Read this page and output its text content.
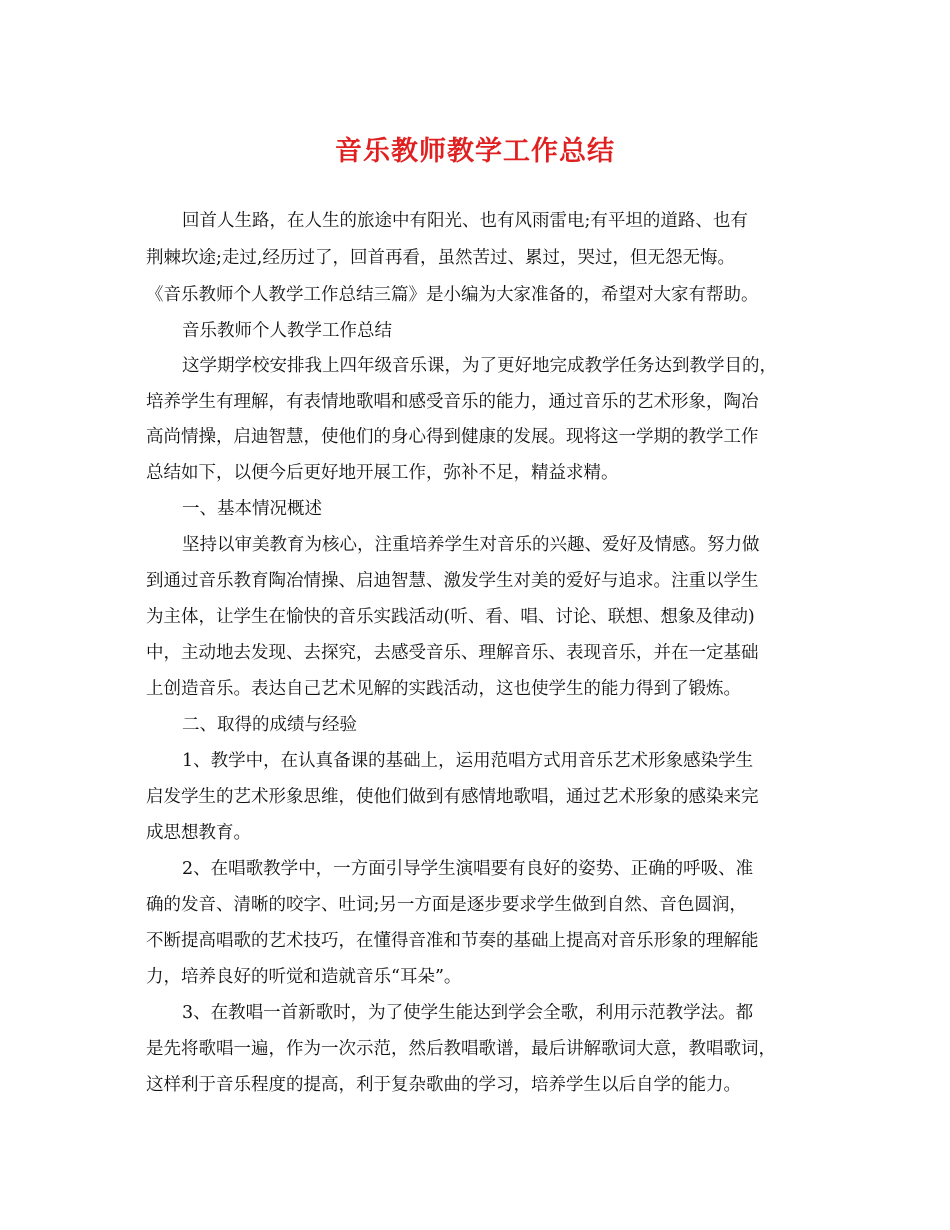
音乐教师教学工作总结
回首人生路，在人生的旅途中有阳光、也有风雨雷电;有平坦的道路、也有
荆棘坎途;走过,经历过了，回首再看，虽然苦过、累过，哭过，但无怨无悔。
《音乐教师个人教学工作总结三篇》是小编为大家准备的，希望对大家有帮助。
音乐教师个人教学工作总结
这学期学校安排我上四年级音乐课，为了更好地完成教学任务达到教学目的，
培养学生有理解，有表情地歌唱和感受音乐的能力，通过音乐的艺术形象，陶冶
高尚情操，启迪智慧，使他们的身心得到健康的发展。现将这一学期的教学工作
总结如下，以便今后更好地开展工作，弥补不足，精益求精。
一、基本情况概述
坚持以审美教育为核心，注重培养学生对音乐的兴趣、爱好及情感。努力做
到通过音乐教育陶冶情操、启迪智慧、激发学生对美的爱好与追求。注重以学生
为主体，让学生在愉快的音乐实践活动(听、看、唱、讨论、联想、想象及律动)
中，主动地去发现、去探究，去感受音乐、理解音乐、表现音乐，并在一定基础
上创造音乐。表达自己艺术见解的实践活动，这也使学生的能力得到了锻炼。
二、取得的成绩与经验
1、教学中，在认真备课的基础上，运用范唱方式用音乐艺术形象感染学生
启发学生的艺术形象思维，使他们做到有感情地歌唱，通过艺术形象的感染来完
成思想教育。
2、在唱歌教学中，一方面引导学生演唱要有良好的姿势、正确的呼吸、准
确的发音、清晰的咬字、吐词;另一方面是逐步要求学生做到自然、音色圆润，
不断提高唱歌的艺术技巧，在懂得音准和节奏的基础上提高对音乐形象的理解能
力，培养良好的听觉和造就音乐“耳朵”。
3、在教唱一首新歌时，为了使学生能达到学会全歌，利用示范教学法。都
是先将歌唱一遍，作为一次示范，然后教唱歌谱，最后讲解歌词大意，教唱歌词，
这样利于音乐程度的提高，利于复杂歌曲的学习，培养学生以后自学的能力。
